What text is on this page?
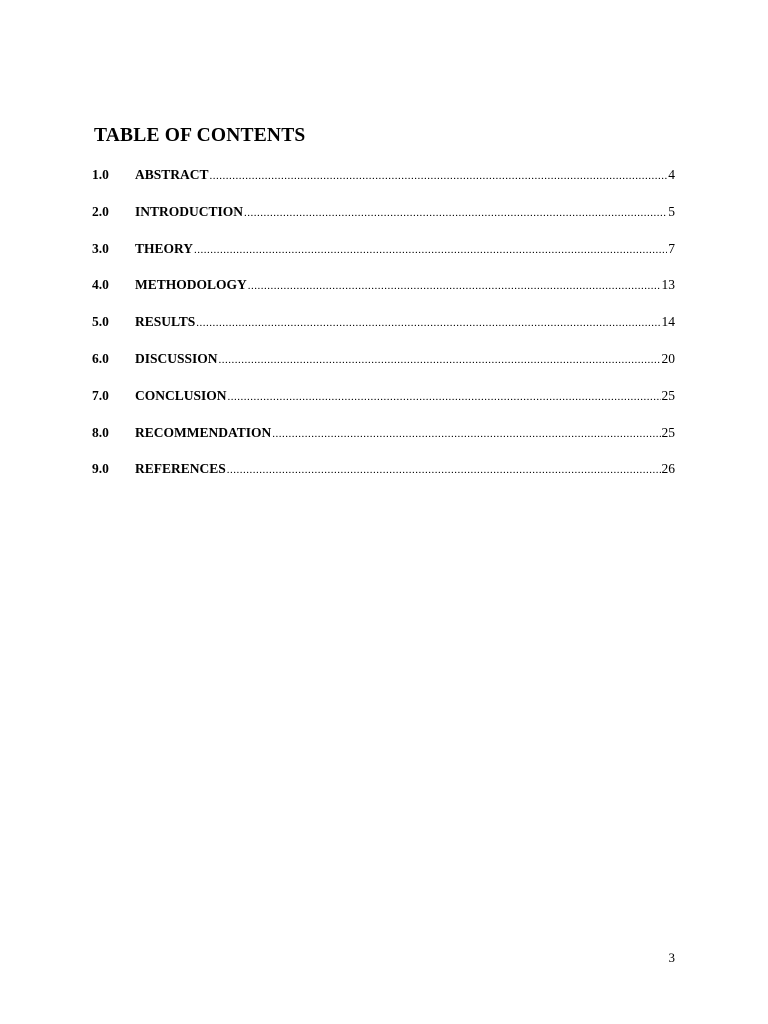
TABLE OF CONTENTS
1.0	ABSTRACT .....	4
2.0	INTRODUCTION .....	5
3.0	THEORY .....	7
4.0	METHODOLOGY .....	13
5.0	RESULTS .....	14
6.0	DISCUSSION .....	20
7.0	CONCLUSION .....	25
8.0	RECOMMENDATION .....	25
9.0	REFERENCES .....	26
3
